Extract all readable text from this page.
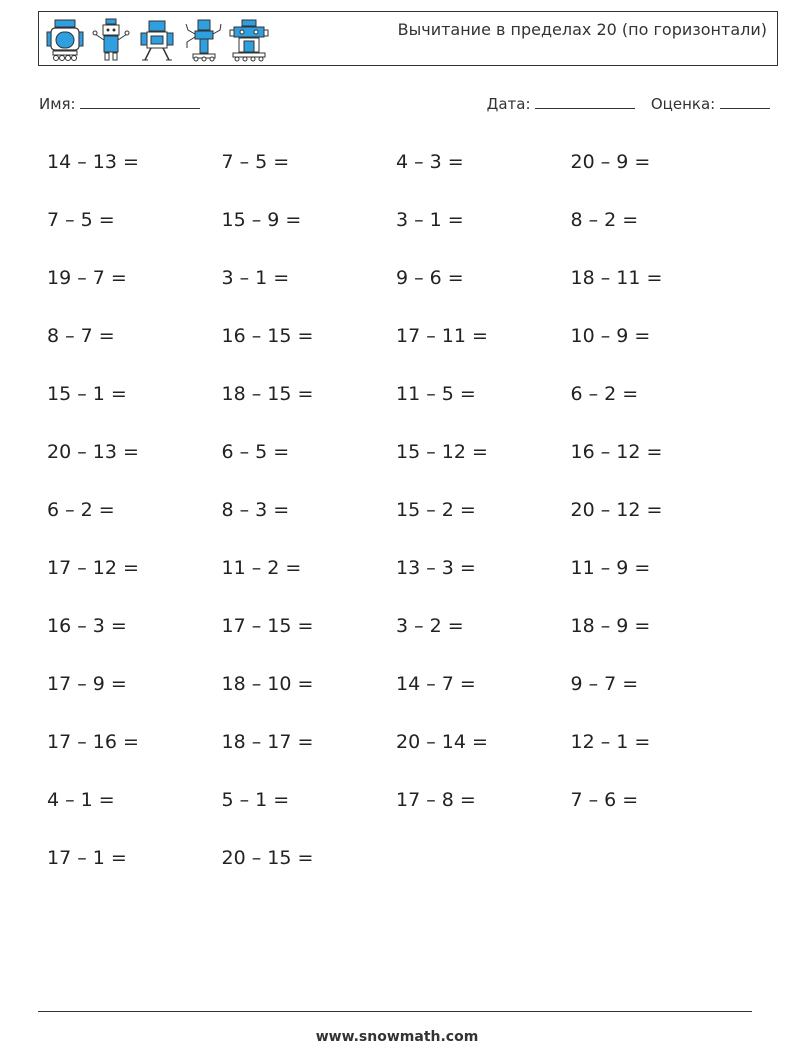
Вычитание в пределах 20 (по горизонтали)
Имя:	Дата:	Оценка:
14 – 13 =	7 – 5 =	4 – 3 =	20 – 9 =
7 – 5 =	15 – 9 =	3 – 1 =	8 – 2 =
19 – 7 =	3 – 1 =	9 – 6 =	18 – 11 =
8 – 7 =	16 – 15 =	17 – 11 =	10 – 9 =
15 – 1 =	18 – 15 =	11 – 5 =	6 – 2 =
20 – 13 =	6 – 5 =	15 – 12 =	16 – 12 =
6 – 2 =	8 – 3 =	15 – 2 =	20 – 12 =
17 – 12 =	11 – 2 =	13 – 3 =	11 – 9 =
16 – 3 =	17 – 15 =	3 – 2 =	18 – 9 =
17 – 9 =	18 – 10 =	14 – 7 =	9 – 7 =
17 – 16 =	18 – 17 =	20 – 14 =	12 – 1 =
4 – 1 =	5 – 1 =	17 – 8 =	7 – 6 =
17 – 1 =	20 – 15 =
www.snowmath.com
